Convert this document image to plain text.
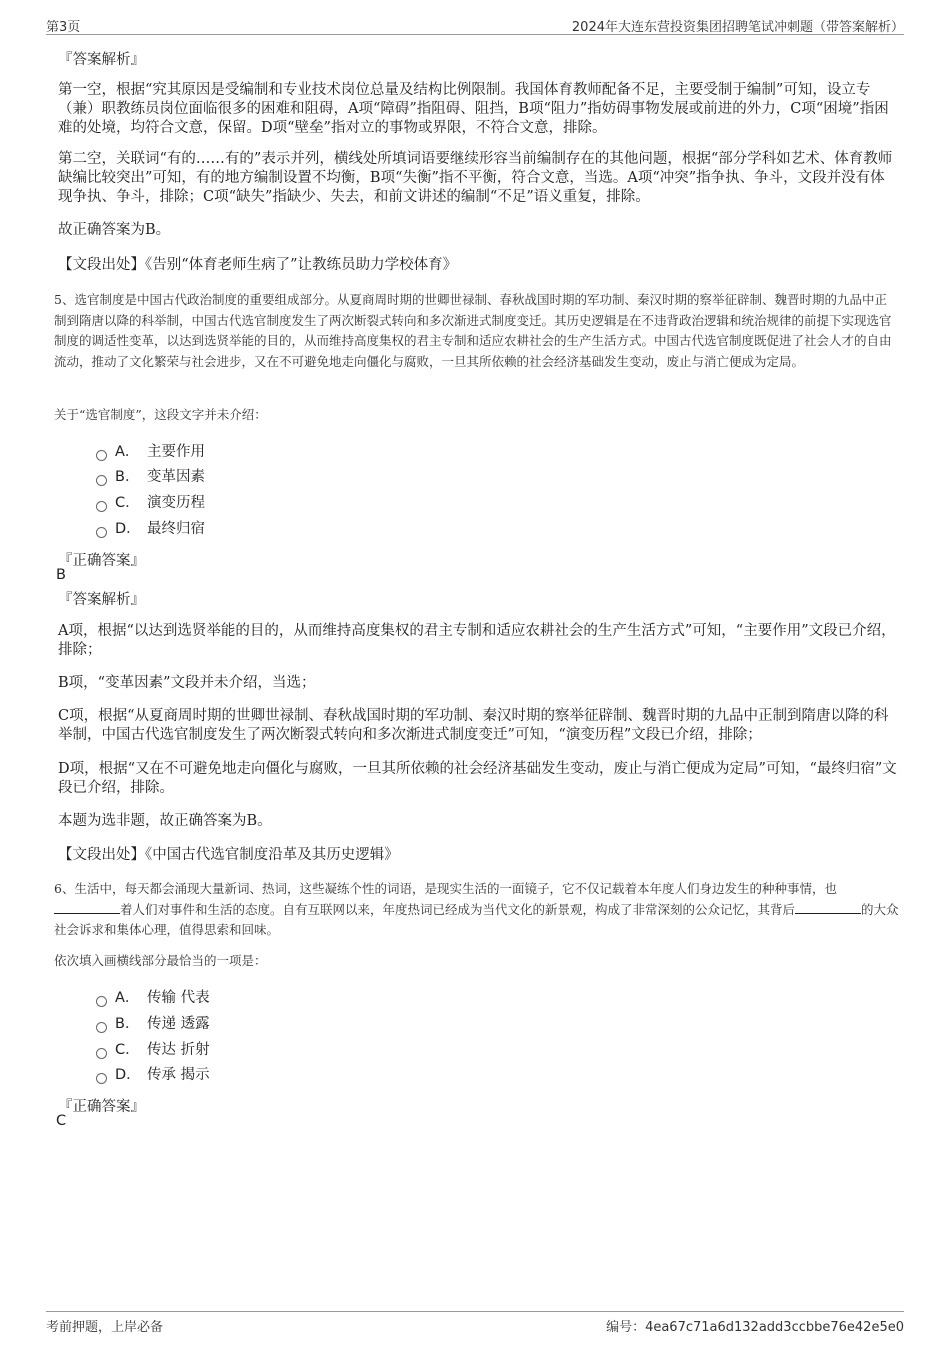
第3页	2024年大连东营投资集团招聘笔试冲刺题（带答案解析）
『答案解析』
第一空，根据“究其原因是受编制和专业技术岗位总量及结构比例限制。我国体育教师配备不足，主要受制于编制”可知，设立专（兼）职教练员岗位面临很多的困难和阻碍，A项“障碍”指阻碍、阻挡，B项“阻力”指妨碍事物发展或前进的外力，C项“困境”指困难的处境，均符合文意，保留。D项“壁垒”指对立的事物或界限，不符合文意，排除。
第二空，关联词“有的……有的”表示并列，横线处所填词语要继续形容当前编制存在的其他问题，根据“部分学科如艺术、体育教师缺编比较突出”可知，有的地方编制设置不均衡，B项“失衡”指不平衡，符合文意，当选。A项“冲突”指争执、争斗，文段并没有体现争执、争斗，排除；C项“缺失”指缺少、失去，和前文讲述的编制“不足”语义重复，排除。
故正确答案为B。
【文段出处】《告别“体育老师生病了”让教练员助力学校体育》
5、选官制度是中国古代政治制度的重要组成部分。从夏商周时期的世卿世禄制、春秋战国时期的军功制、秦汉时期的察举征辟制、魏晋时期的九品中正制到隋唐以降的科举制，中国古代选官制度发生了两次断裂式转向和多次渐进式制度变迁。其历史逻辑是在不违背政治逻辑和统治规律的前提下实现选官制度的调适性变革，以达到选贤举能的目的，从而维持高度集权的君主专制和适应农耕社会的生产生活方式。中国古代选官制度既促进了社会人才的自由流动，推动了文化繁荣与社会进步，又在不可避免地走向僵化与腐败，一旦其所依赖的社会经济基础发生变动，废止与消亡便成为定局。
关于“选官制度”，这段文字并未介绍：
A． 主要作用
B． 变革因素
C． 演变历程
D． 最终归宿
『正确答案』
B
『答案解析』
A项，根据“以达到选贤举能的目的，从而维持高度集权的君主专制和适应农耕社会的生产生活方式”可知，“主要作用”文段已介绍，排除；
B项，“变革因素”文段并未介绍，当选；
C项，根据“从夏商周时期的世卿世禄制、春秋战国时期的军功制、秦汉时期的察举征辟制、魏晋时期的九品中正制到隋唐以降的科举制，中国古代选官制度发生了两次断裂式转向和多次渐进式制度变迁”可知，“演变历程”文段已介绍，排除；
D项，根据“又在不可避免地走向僵化与腐败，一旦其所依赖的社会经济基础发生变动，废止与消亡便成为定局”可知，“最终归宿”文段已介绍，排除。
本题为选非题，故正确答案为B。
【文段出处】《中国古代选官制度沿革及其历史逻辑》
6、生活中，每天都会涌现大量新词、热词，这些凝练个性的词语，是现实生活的一面镜子，它不仅记载着本年度人们身边发生的种种事情，也着人们对事件和生活的态度。自有互联网以来，年度热词已经成为当代文化的新景观，构成了非常深刻的公众记忆，其背后	的大众社会诉求和集体心理，值得思索和回味。
依次填入画横线部分最恰当的一项是：
A． 传输 代表
B． 传递 透露
C． 传达 折射
D． 传承 揭示
『正确答案』
C
考前押题，上岸必备	编号：4ea67c71a6d132add3ccbbe76e42e5e0
